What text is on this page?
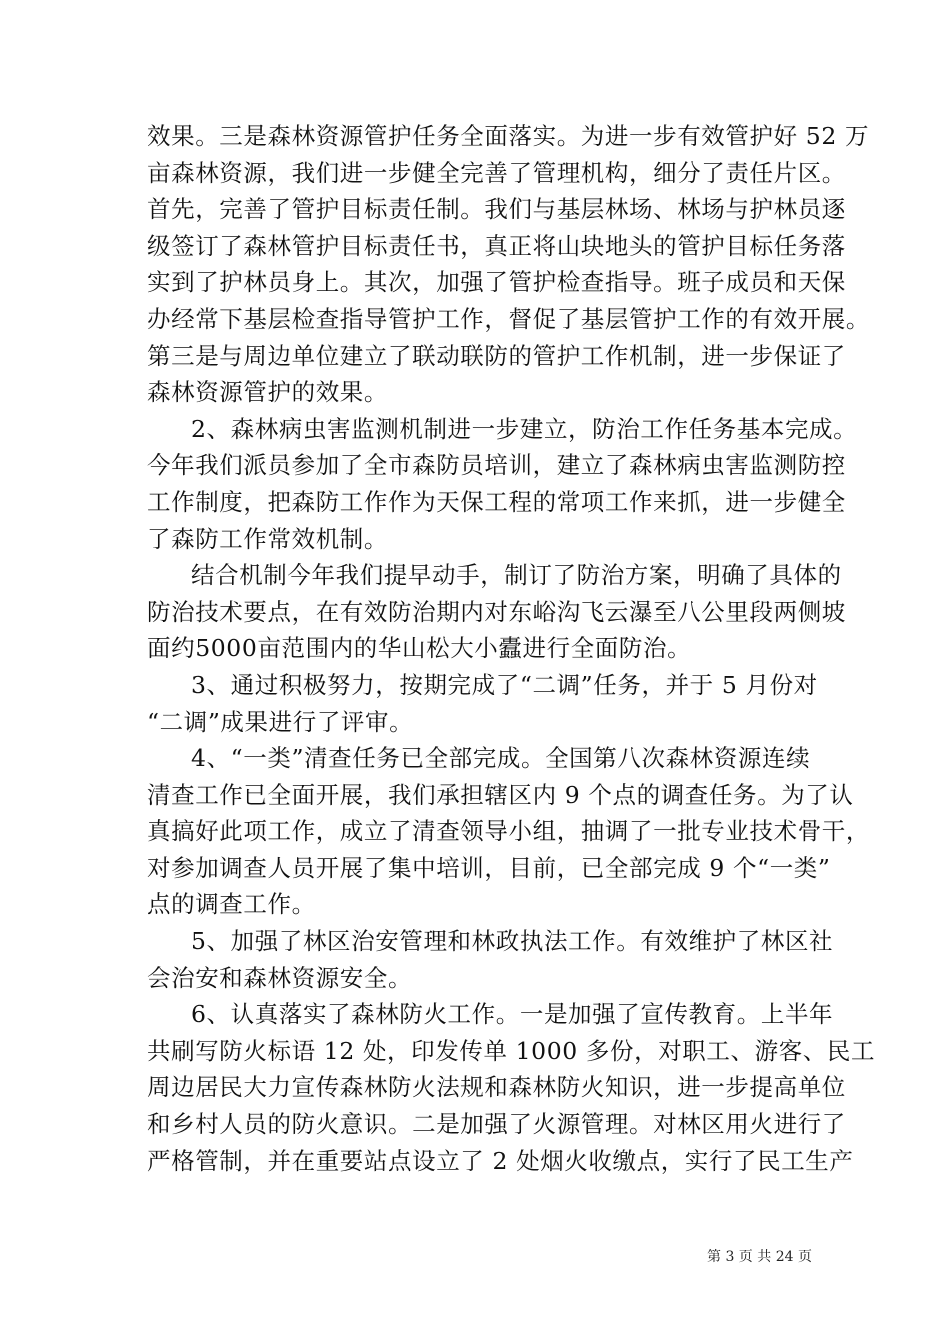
效果。三是森林资源管护任务全面落实。为进一步有效管护好 52 万
亩森林资源，我们进一步健全完善了管理机构，细分了责任片区。
首先，完善了管护目标责任制。我们与基层林场、林场与护林员逐
级签订了森林管护目标责任书，真正将山块地头的管护目标任务落
实到了护林员身上。其次，加强了管护检查指导。班子成员和天保
办经常下基层检查指导管护工作，督促了基层管护工作的有效开展。
第三是与周边单位建立了联动联防的管护工作机制，进一步保证了
森林资源管护的效果。
2、森林病虫害监测机制进一步建立，防治工作任务基本完成。
今年我们派员参加了全市森防员培训，建立了森林病虫害监测防控
工作制度，把森防工作作为天保工程的常项工作来抓，进一步健全
了森防工作常效机制。
结合机制今年我们提早动手，制订了防治方案，明确了具体的
防治技术要点，在有效防治期内对东峪沟飞云瀑至八公里段两侧坡
面约5000亩范围内的华山松大小蠹进行全面防治。
3、通过积极努力，按期完成了“二调”任务，并于 5 月份对
“二调”成果进行了评审。
4、“一类”清查任务已全部完成。全国第八次森林资源连续
清查工作已全面开展，我们承担辖区内 9 个点的调查任务。为了认
真搞好此项工作，成立了清查领导小组，抽调了一批专业技术骨干，
对参加调查人员开展了集中培训，目前，已全部完成 9 个“一类”
点的调查工作。
5、加强了林区治安管理和林政执法工作。有效维护了林区社
会治安和森林资源安全。
6、认真落实了森林防火工作。一是加强了宣传教育。上半年
共刷写防火标语 12 处，印发传单 1000 多份，对职工、游客、民工
周边居民大力宣传森林防火法规和森林防火知识，进一步提高单位
和乡村人员的防火意识。二是加强了火源管理。对林区用火进行了
严格管制，并在重要站点设立了 2 处烟火收缴点，实行了民工生产
第 3 页 共 24 页
